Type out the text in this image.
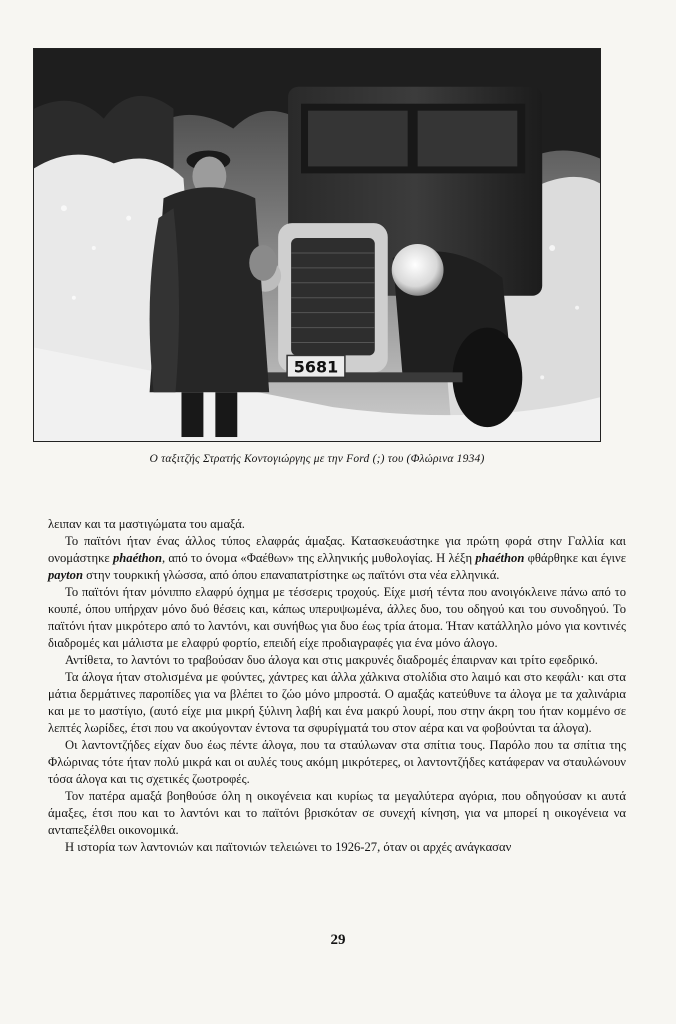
5681
Ο ταξιτζής Στρατής Κοντογιώργης με την Ford (;) του (Φλώρινα 1934)
λειπαν και τα μαστιγώματα του αμαξά.
Το παϊτόνι ήταν ένας άλλος τύπος ελαφράς άμαξας. Κατασκευάστηκε για πρώτη φορά στην Γαλλία και ονομάστηκε phaéthon, από το όνομα «Φαέθων» της ελληνικής μυθολογίας. Η λέξη phaéthon φθάρθηκε και έγινε payton στην τουρκική γλώσσα, από όπου επαναπατρίστηκε ως παϊτόνι στα νέα ελληνικά.
Το παϊτόνι ήταν μόνιππο ελαφρύ όχημα με τέσσερις τροχούς. Είχε μισή τέντα που ανοιγόκλεινε πάνω από το κουπέ, όπου υπήρχαν μόνο δυό θέσεις και, κάπως υπερυψωμένα, άλλες δυο, του οδηγού και του συνοδηγού. Το παϊτόνι ήταν μικρότερο από το λαντόνι, και συνήθως για δυο έως τρία άτομα. Ήταν κατάλληλο μόνο για κοντινές διαδρομές και μάλιστα με ελαφρύ φορτίο, επειδή είχε προδιαγραφές για ένα μόνο άλογο.
Αντίθετα, το λαντόνι το τραβούσαν δυο άλογα και στις μακρυνές διαδρομές έπαιρναν και τρίτο εφεδρικό.
Τα άλογα ήταν στολισμένα με φούντες, χάντρες και άλλα χάλκινα στολίδια στο λαιμό και στο κεφάλι· και στα μάτια δερμάτινες παροπίδες για να βλέπει το ζώο μόνο μπροστά. Ο αμαξάς κατεύθυνε τα άλογα με τα χαλινάρια και με το μαστίγιο, (αυτό είχε μια μικρή ξύλινη λαβή και ένα μακρύ λουρί, που στην άκρη του ήταν κομμένο σε λεπτές λωρίδες, έτσι που να ακούγονταν έντονα τα σφυρίγματά του στον αέρα και να φοβούνται τα άλογα).
Οι λαντοντζήδες είχαν δυο έως πέντε άλογα, που τα σταύλωναν στα σπίτια τους. Παρόλο που τα σπίτια της Φλώρινας τότε ήταν πολύ μικρά και οι αυλές τους ακόμη μικρότερες, οι λαντοντζήδες κατάφεραν να σταυλώνουν τόσα άλογα και τις σχετικές ζωοτροφές.
Τον πατέρα αμαξά βοηθούσε όλη η οικογένεια και κυρίως τα μεγαλύτερα αγόρια, που οδηγούσαν κι αυτά άμαξες, έτσι που και το λαντόνι και το παϊτόνι βρισκόταν σε συνεχή κίνηση, για να μπορεί η οικογένεια να ανταπεξέλθει οικονομικά.
Η ιστορία των λαντονιών και παϊτονιών τελειώνει το 1926-27, όταν οι αρχές ανάγκασαν
29
